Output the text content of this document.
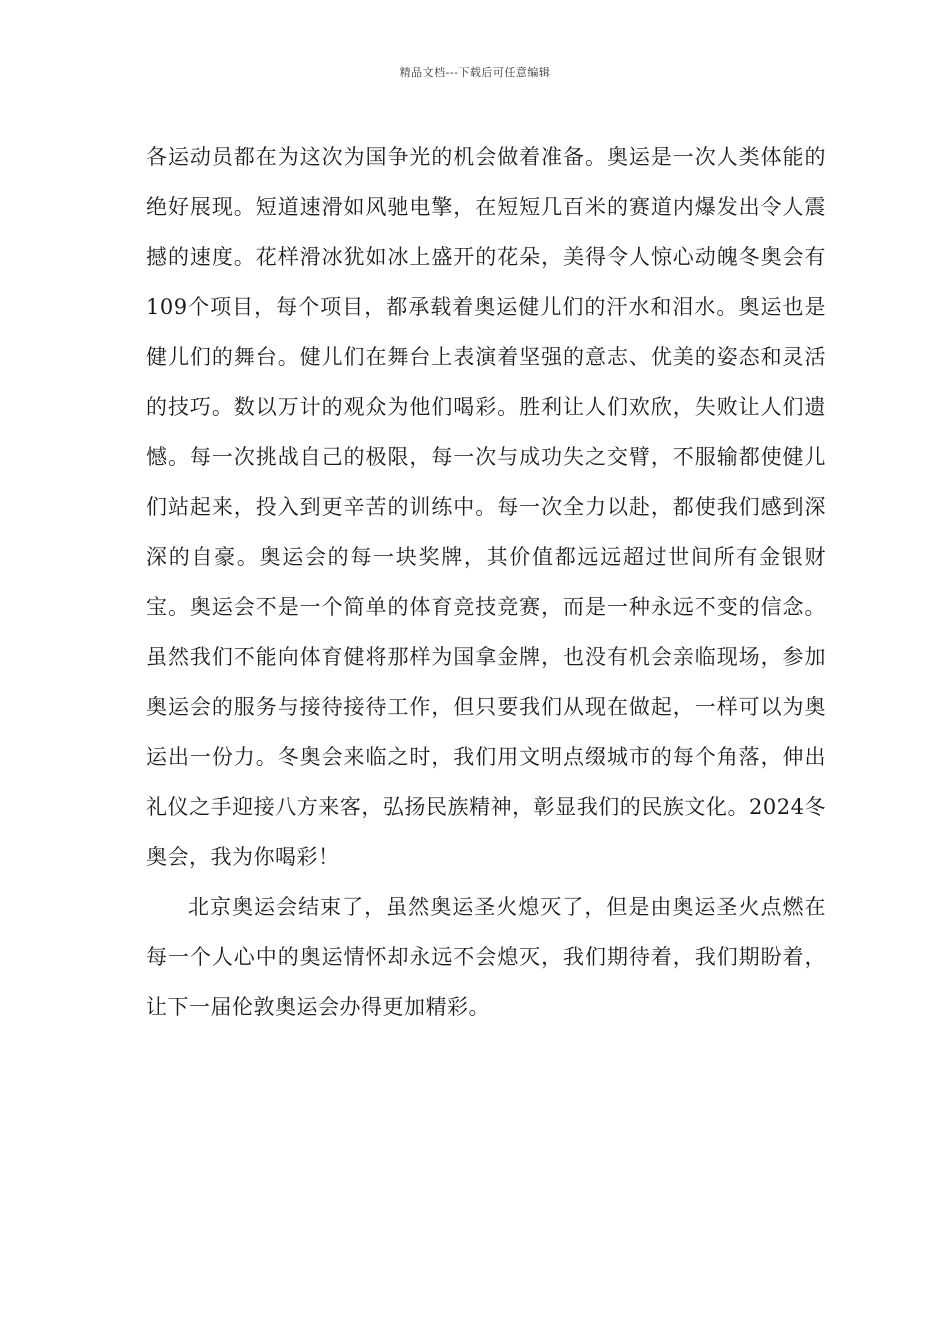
精品文档---下载后可任意编辑

各运动员都在为这次为国争光的机会做着准备。奥运是一次人类体能的绝好展现。短道速滑如风驰电擎，在短短几百米的赛道内爆发出令人震撼的速度。花样滑冰犹如冰上盛开的花朵，美得令人惊心动魄冬奥会有109个项目，每个项目，都承载着奥运健儿们的汗水和泪水。奥运也是健儿们的舞台。健儿们在舞台上表演着坚强的意志、优美的姿态和灵活的技巧。数以万计的观众为他们喝彩。胜利让人们欢欣，失败让人们遗憾。每一次挑战自己的极限，每一次与成功失之交臂，不服输都使健儿们站起来，投入到更辛苦的训练中。每一次全力以赴，都使我们感到深深的自豪。奥运会的每一块奖牌，其价值都远远超过世间所有金银财宝。奥运会不是一个简单的体育竞技竞赛，而是一种永远不变的信念。虽然我们不能向体育健将那样为国拿金牌，也没有机会亲临现场，参加奥运会的服务与接待接待工作，但只要我们从现在做起，一样可以为奥运出一份力。冬奥会来临之时，我们用文明点缀城市的每个角落，伸出礼仪之手迎接八方来客，弘扬民族精神，彰显我们的民族文化。2024冬奥会，我为你喝彩！

北京奥运会结束了，虽然奥运圣火熄灭了，但是由奥运圣火点燃在每一个人心中的奥运情怀却永远不会熄灭，我们期待着，我们期盼着，让下一届伦敦奥运会办得更加精彩。
